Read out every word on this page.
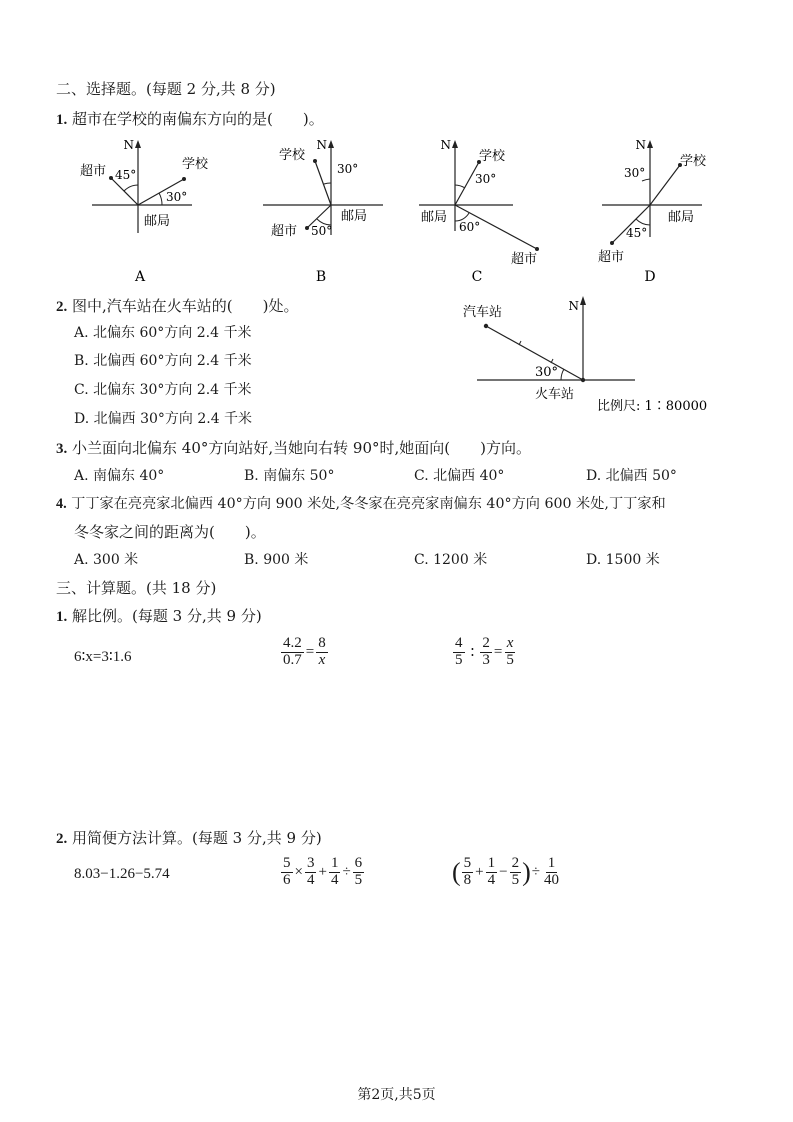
二、选择题。(每题 2 分,共 8 分)
1. 超市在学校的南偏东方向的是(　　)。
N
超市 45°
学校
30°
邮局
A
N
学校
30°
邮局
超市 50°
B
N
学校
30°
邮局
60°
超市
C
N
学校
30°
邮局
45°
超市
D
2. 图中,汽车站在火车站的(　　)处。
A. 北偏东 60°方向 2.4 千米
B. 北偏西 60°方向 2.4 千米
C. 北偏东 30°方向 2.4 千米
D. 北偏西 30°方向 2.4 千米
N
汽车站
30°
火车站
比例尺: 1∶80000
3. 小兰面向北偏东 40°方向站好,当她向右转 90°时,她面向(　　)方向。
A. 南偏东 40°	B. 南偏东 50°	C. 北偏西 40°	D. 北偏西 50°
4. 丁丁家在亮亮家北偏西 40°方向 900 米处,冬冬家在亮亮家南偏东 40°方向 600 米处,丁丁家和
冬冬家之间的距离为(　　)。
A. 300 米	B. 900 米	C. 1200 米	D. 1500 米
三、计算题。(共 18 分)
1. 解比例。(每题 3 分,共 9 分)
6∶x=3∶1.6	$\frac{4.2}{0.7} = \frac{8}{x}$	$\frac{4}{5}$ ∶ $\frac{2}{3} = \frac{x}{5}$
2. 用简便方法计算。(每题 3 分,共 9 分)
8.03−1.26−5.74	$\frac{5}{6} \times \frac{3}{4} + \frac{1}{4} \div \frac{6}{5}$	( $\frac{5}{8} + \frac{1}{4} - \frac{2}{5}$ )÷ $\frac{1}{40}$
第2页,共5页
